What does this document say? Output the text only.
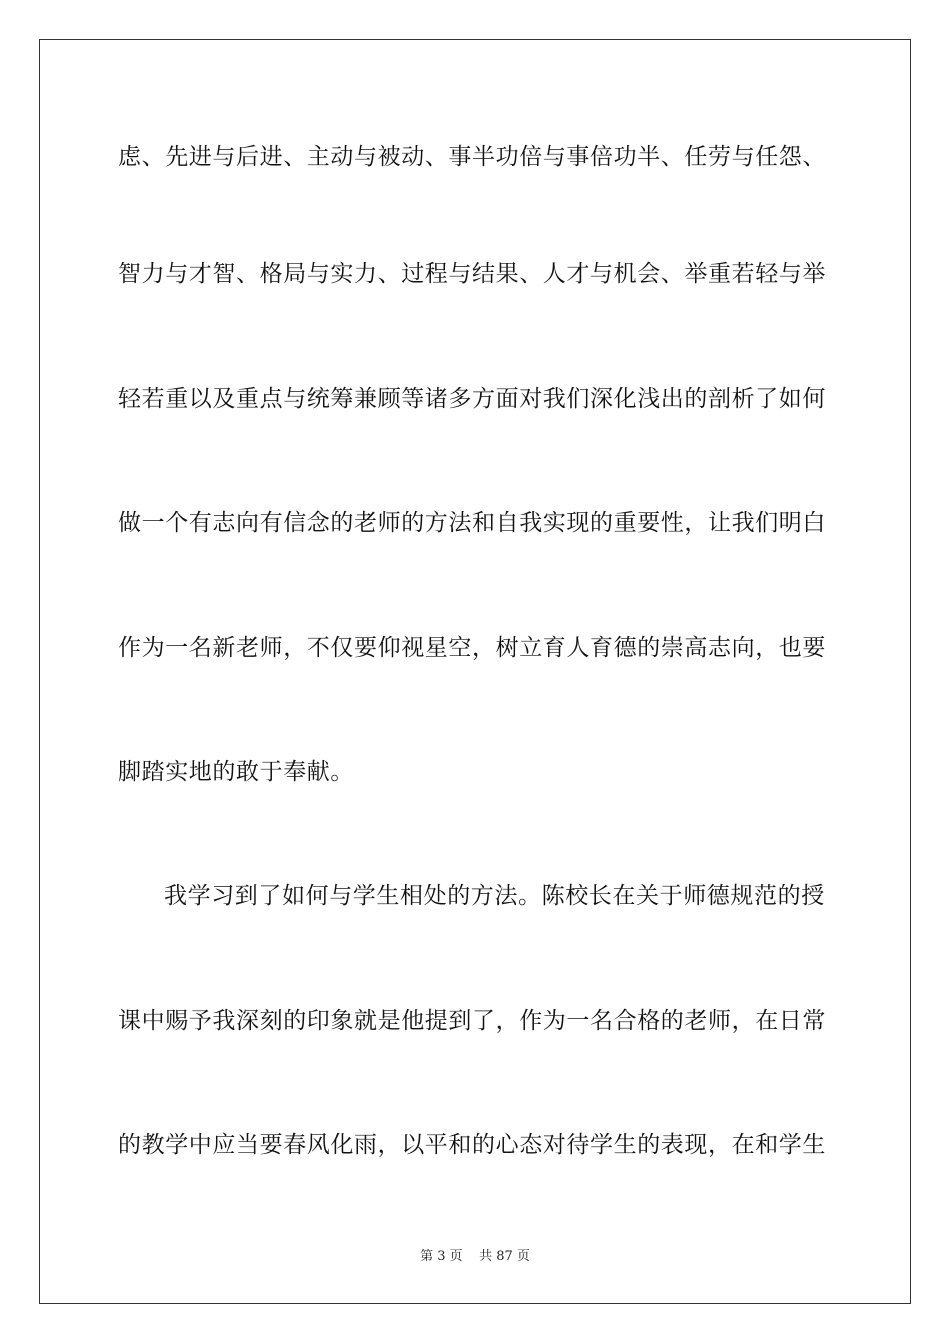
虑、先进与后进、主动与被动、事半功倍与事倍功半、任劳与任怨、
智力与才智、格局与实力、过程与结果、人才与机会、举重若轻与举
轻若重以及重点与统筹兼顾等诸多方面对我们深化浅出的剖析了如何
做一个有志向有信念的老师的方法和自我实现的重要性，让我们明白
作为一名新老师，不仅要仰视星空，树立育人育德的崇高志向，也要
脚踏实地的敢于奉献。
我学习到了如何与学生相处的方法。陈校长在关于师德规范的授
课中赐予我深刻的印象就是他提到了，作为一名合格的老师，在日常
的教学中应当要春风化雨，以平和的心态对待学生的表现，在和学生
第 3 页    共 87 页
